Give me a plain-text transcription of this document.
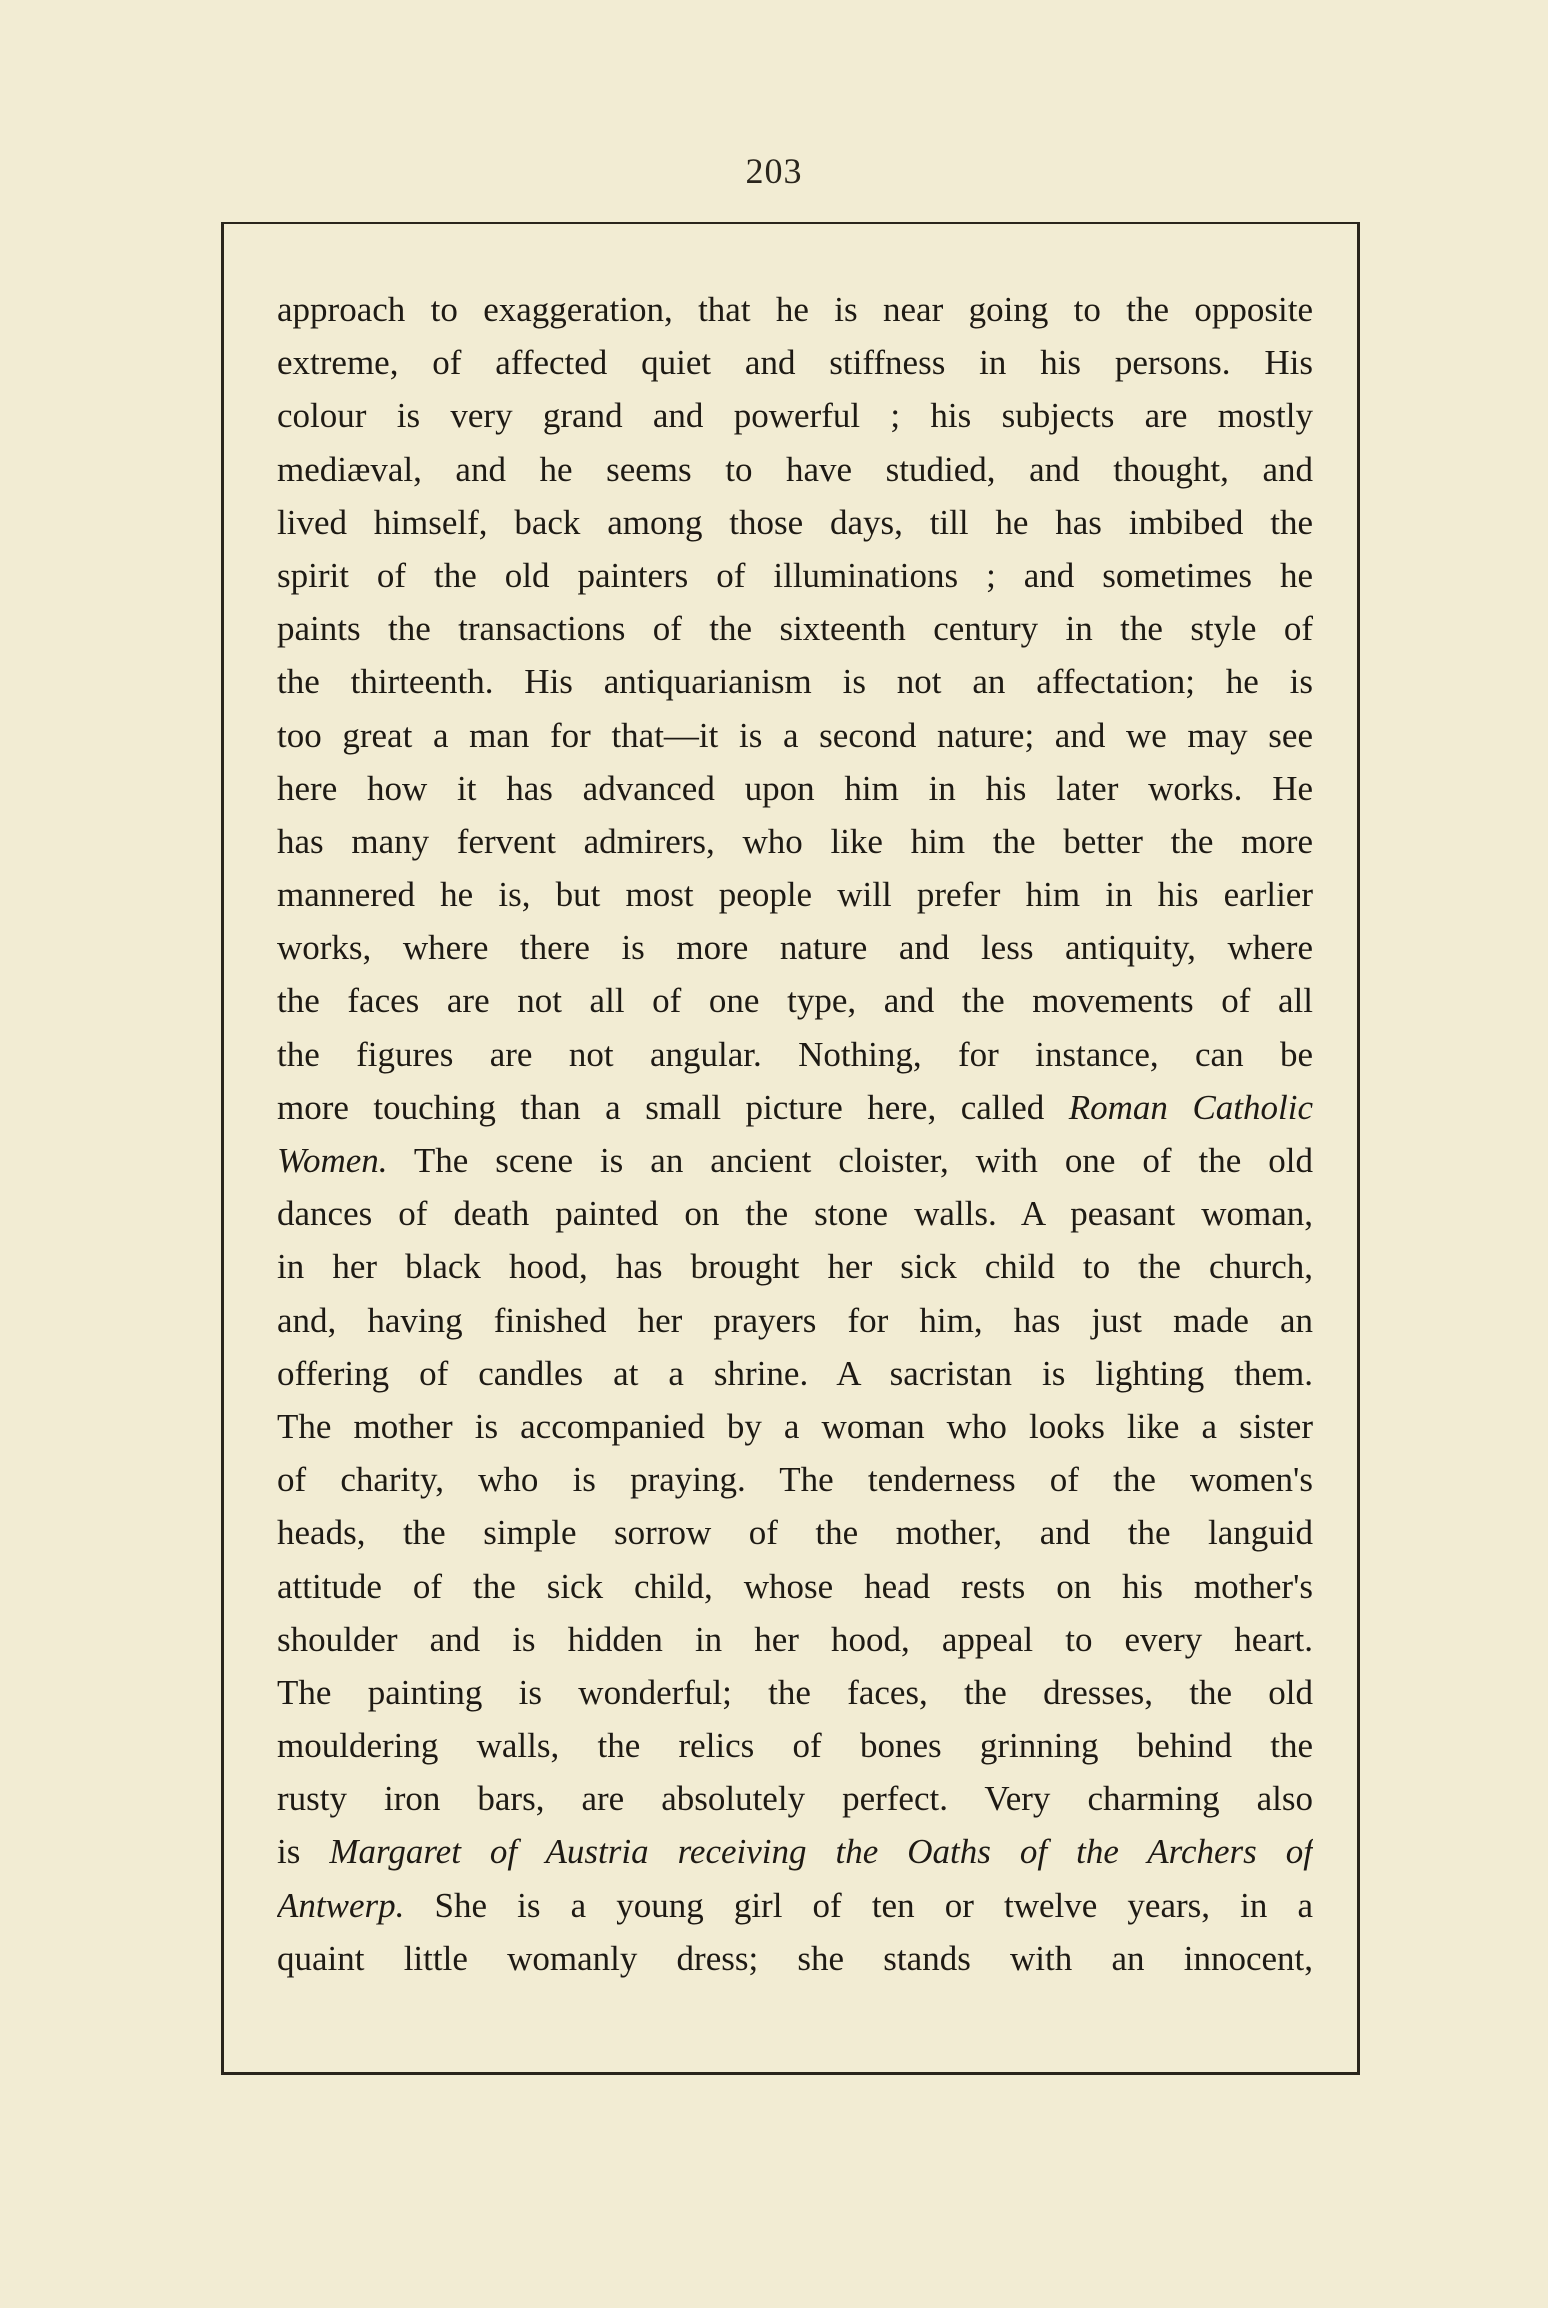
203
approach to exaggeration, that he is near going to the opposite
extreme, of affected quiet and stiffness in his persons. His
colour is very grand and powerful ; his subjects are mostly
mediæval, and he seems to have studied, and thought, and
lived himself, back among those days, till he has imbibed the
spirit of the old painters of illuminations ; and sometimes he
paints the transactions of the sixteenth century in the style of
the thirteenth. His antiquarianism is not an affectation; he is
too great a man for that—it is a second nature; and we may see
here how it has advanced upon him in his later works. He
has many fervent admirers, who like him the better the more
mannered he is, but most people will prefer him in his earlier
works, where there is more nature and less antiquity, where
the faces are not all of one type, and the movements of all
the figures are not angular. Nothing, for instance, can be
more touching than a small picture here, called Roman Catholic
Women. The scene is an ancient cloister, with one of the old
dances of death painted on the stone walls. A peasant woman,
in her black hood, has brought her sick child to the church,
and, having finished her prayers for him, has just made an
offering of candles at a shrine. A sacristan is lighting them.
The mother is accompanied by a woman who looks like a sister
of charity, who is praying. The tenderness of the women's
heads, the simple sorrow of the mother, and the languid
attitude of the sick child, whose head rests on his mother's
shoulder and is hidden in her hood, appeal to every heart.
The painting is wonderful; the faces, the dresses, the old
mouldering walls, the relics of bones grinning behind the
rusty iron bars, are absolutely perfect. Very charming also
is Margaret of Austria receiving the Oaths of the Archers of
Antwerp. She is a young girl of ten or twelve years, in a
quaint little womanly dress; she stands with an innocent,
